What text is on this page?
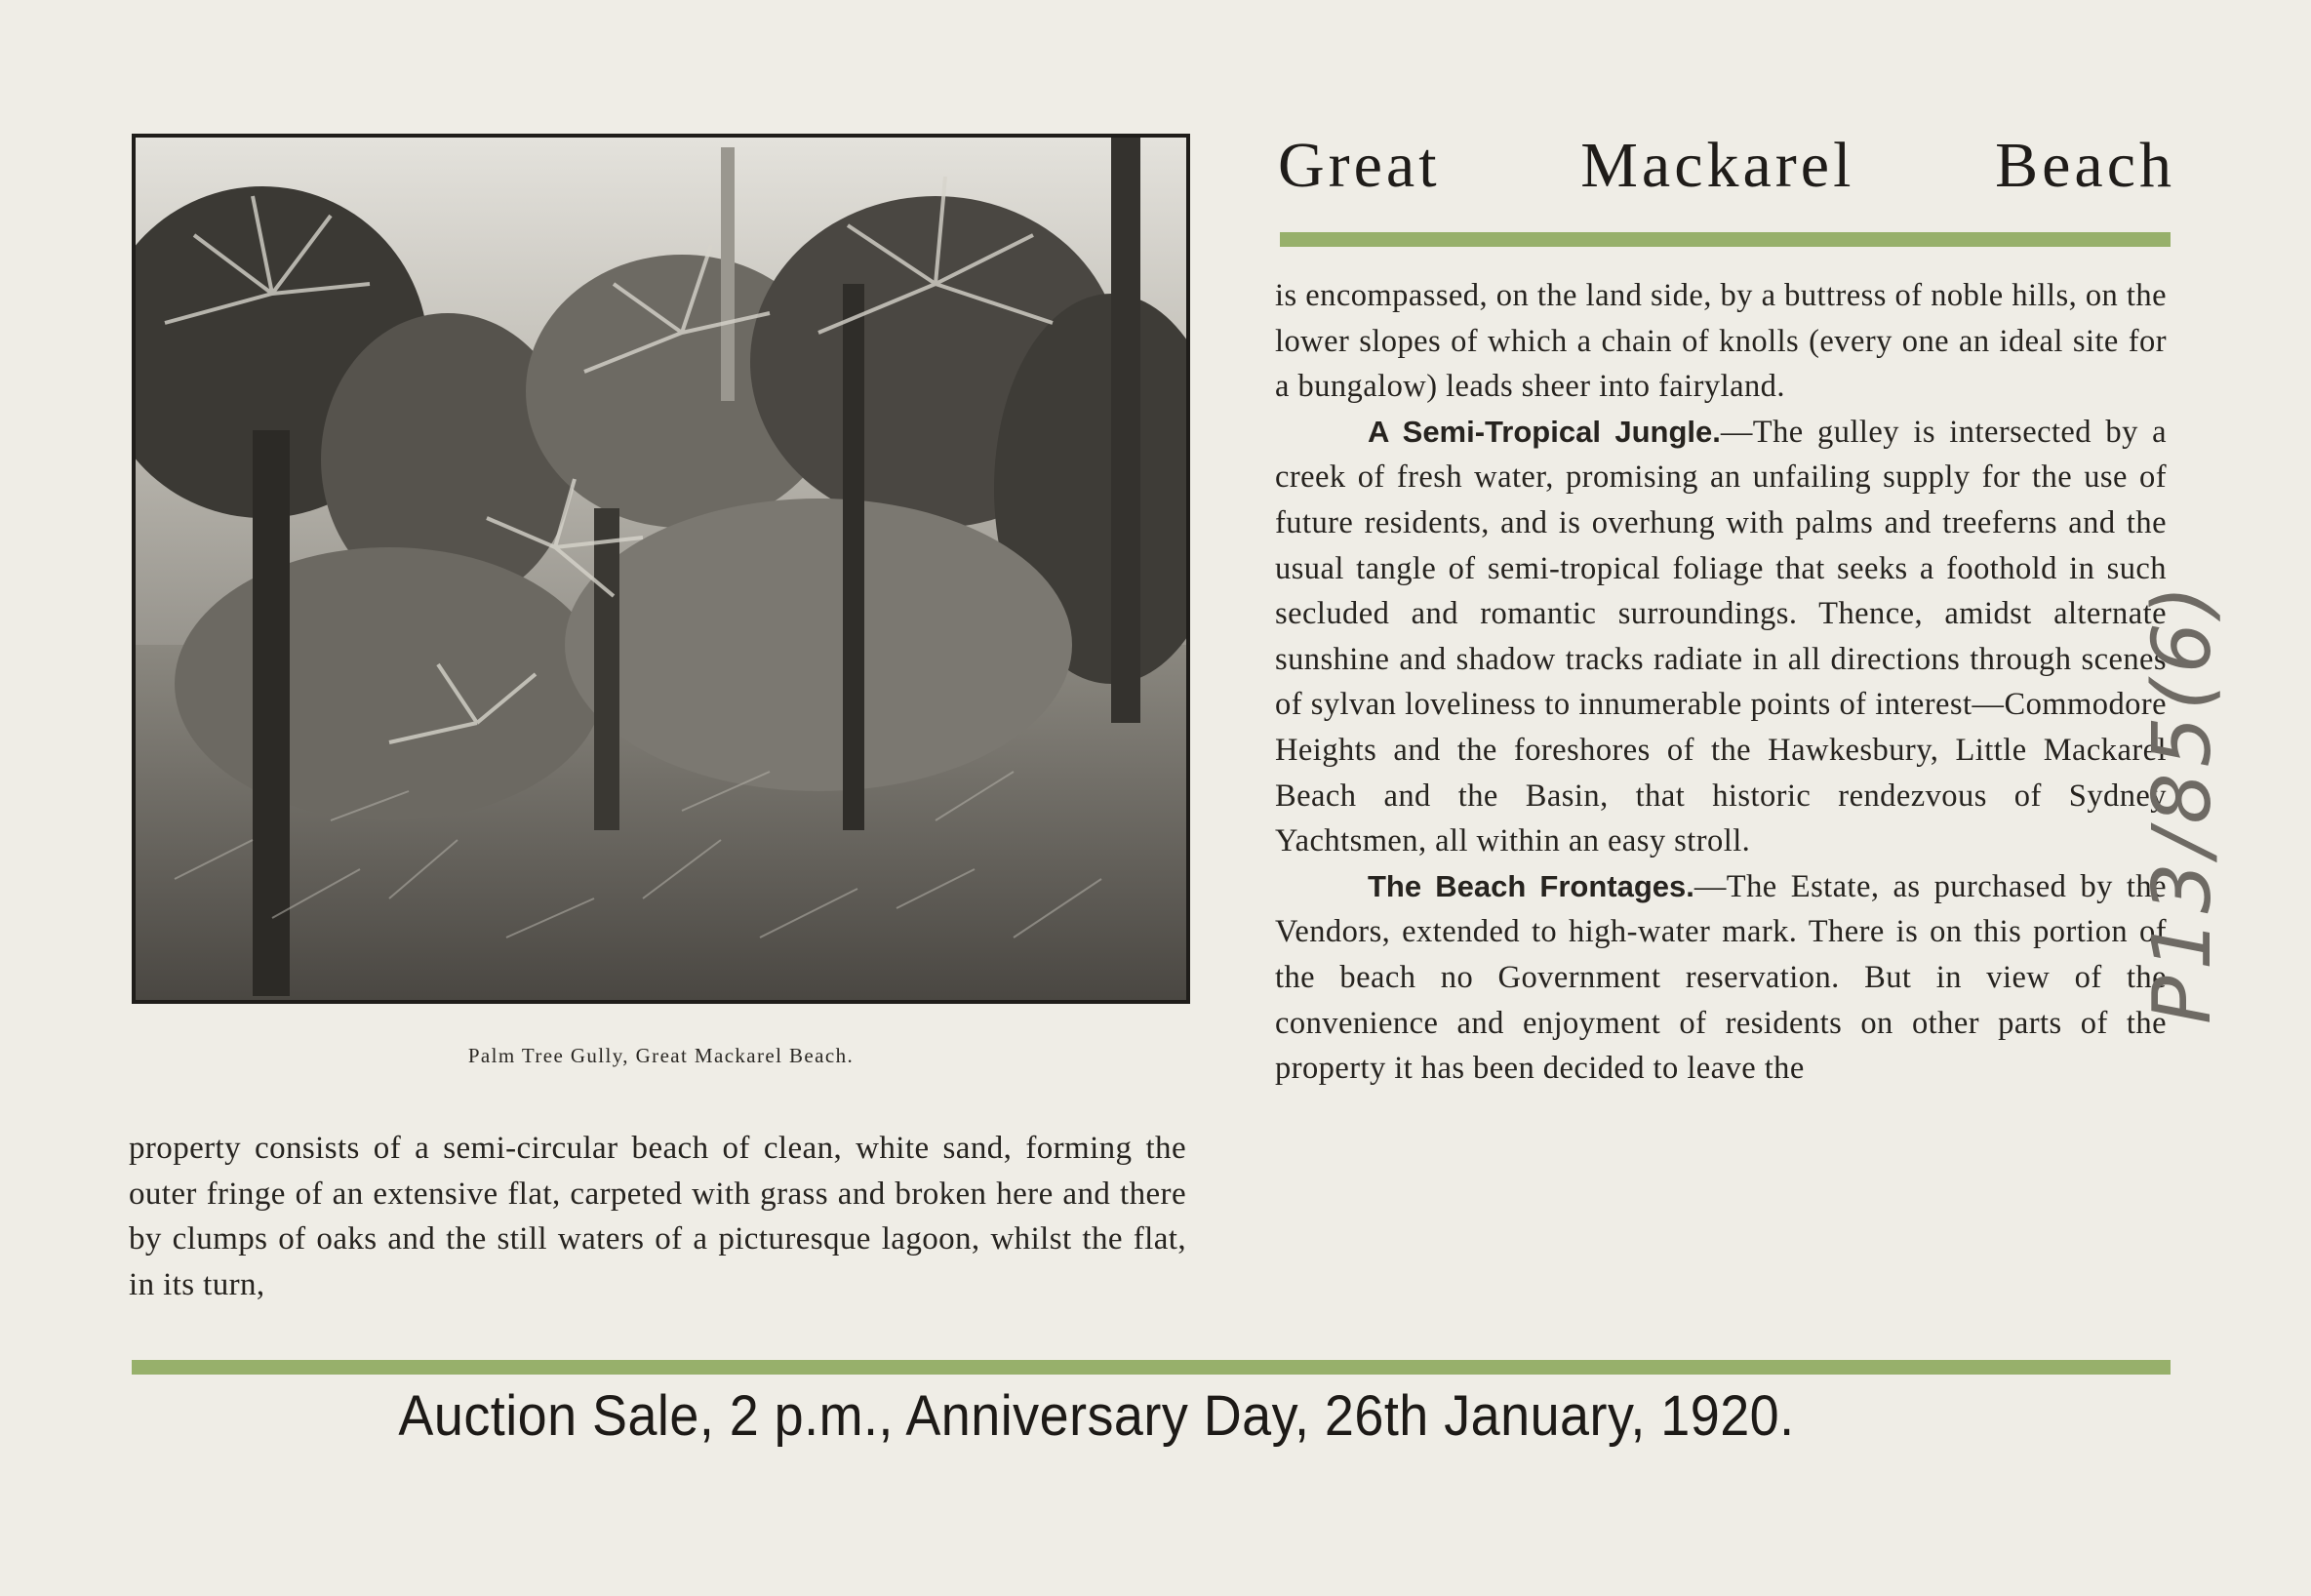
Palm Tree Gully, Great Mackarel Beach.
property consists of a semi-circular beach of clean, white sand, forming the outer fringe of an extensive flat, carpeted with grass and broken here and there by clumps of oaks and the still waters of a picturesque lagoon, whilst the flat, in its turn,
Great Mackarel Beach

is encompassed, on the land side, by a buttress of noble hills, on the lower slopes of which a chain of knolls (every one an ideal site for a bungalow) leads sheer into fairyland.

A Semi-Tropical Jungle.—The gulley is intersected by a creek of fresh water, promising an unfailing supply for the use of future residents, and is overhung with palms and treeferns and the usual tangle of semi-tropical foliage that seeks a foothold in such secluded and romantic surroundings. Thence, amidst alternate sunshine and shadow tracks radiate in all directions through scenes of sylvan loveliness to innumerable points of interest—Commodore Heights and the foreshores of the Hawkesbury, Little Mackarel Beach and the Basin, that historic rendezvous of Sydney Yachtsmen, all within an easy stroll.

The Beach Frontages.—The Estate, as purchased by the Vendors, extended to high-water mark. There is on this portion of the beach no Government reservation. But in view of the convenience and enjoyment of residents on other parts of the property it has been decided to leave the

Auction Sale, 2 p.m., Anniversary Day, 26th January, 1920.
P13/85(6)
